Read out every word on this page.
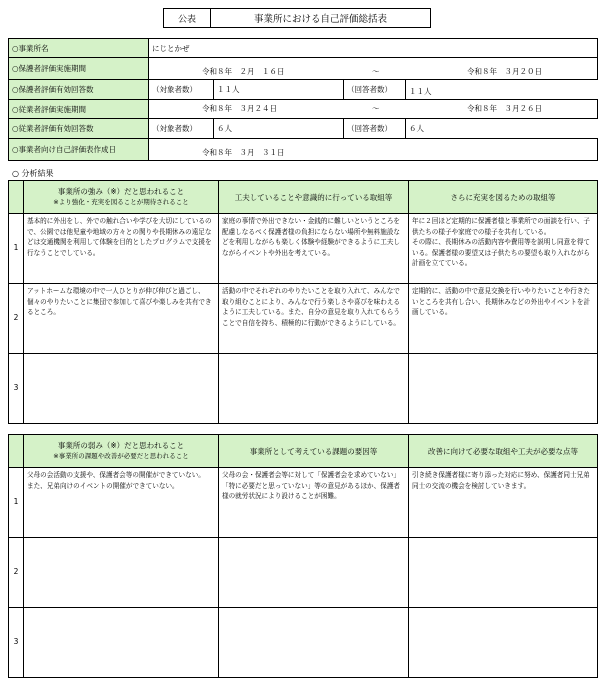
公表	事業所における自己評価総括表
○事業所名	にじとかぜ
○保護者評価実施期間	令和８年　２月　１６日 ～ 令和８年　３月２０日

○保護者評価有効回答数	（対象者数） １１人 （回答者数） １１人

○従業者評価実施期間	令和８年　３月２４日 ～ 令和８年　３月２６日

○従業者評価有効回答数	（対象者数） ６人 （回答者数） ６人

○事業者向け自己評価表作成日	令和８年　３月　３１日
○ 分析結果
	事業所の強み（※）だと思われること
※より強化・充実を図ることが期待されること	工夫していることや意識的に行っている取組等	さらに充実を図るための取組等
1	基本的に外出をし、外での触れ合いや学びを大切にしているので、公園では他児童や地域の方々との関りや長期休みの遠足などは交通機関を利用して体験を目的としたプログラムで支援を行なうことでしている。	家庭の事情で外出できない・金銭的に難しいというところを配慮しなるべく保護者様の負担にならない場所や無料施設などを利用しながらも楽しく体験や経験ができるように工夫しながらイベントや外出を考えている。	年に２回ほど定期的に保護者様と事業所での面談を行い、子供たちの様子や家庭での様子を共有している。
その際に、長期休みの活動内容や費用等を説明し同意を得ている。保護者様の要望又は子供たちの要望も取り入れながら計画を立てている。
2	アットホームな環境の中で一人ひとりが伸び伸びと過ごし、個々のやりたいことに集団で参加して喜びや楽しみを共有できるところ。	活動の中でそれぞれのやりたいことを取り入れて、みんなで取り組むことにより、みんなで行う楽しさや喜びを味わえるように工夫している。また、自分の意見を取り入れてもらうことで自信を持ち、積極的に行動ができるようにしている。	定期的に、活動の中で意見交換を行いやりたいことや行きたいところを共有し合い、長期休みなどの外出やイベントを計画している。
3			
	事業所の弱み（※）だと思われること
※事業所の課題や改善が必要だと思われること	事業所として考えている課題の要因等	改善に向けて必要な取組や工夫が必要な点等
1	父母の会活動の支援や、保護者会等の開催ができていない。
また、兄弟向けのイベントの開催ができていない。	父母の会・保護者会等に対して「保護者会を求めていない」「特に必要だと思っていない」等の意見があるほか、保護者様の就労状況により設けることが困難。	引き続き保護者様に寄り添った対応に努め、保護者同士兄弟同士の交流の機会を検討していきます。
2			
3			
